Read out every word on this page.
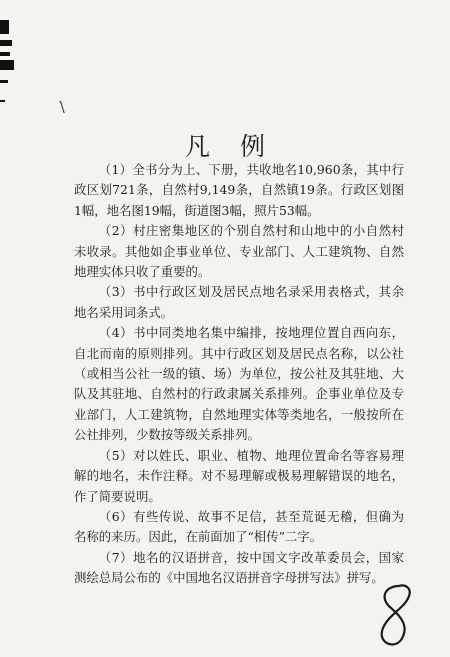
\̀
凡例

（1）全书分为上、下册，共收地名10,960条，其中行政区划721条，自然村9,149条，自然镇19条。行政区划图1幅，地名图19幅，街道图3幅，照片53幅。

（2）村庄密集地区的个别自然村和山地中的小自然村未收录。其他如企事业单位、专业部门、人工建筑物、自然地理实体只收了重要的。

（3）书中行政区划及居民点地名录采用表格式，其余地名采用词条式。

（4）书中同类地名集中编排，按地理位置自西向东，自北而南的原则排列。其中行政区划及居民点名称，以公社（或相当公社一级的镇、场）为单位，按公社及其驻地、大队及其驻地、自然村的行政隶属关系排列。企事业单位及专业部门，人工建筑物，自然地理实体等类地名，一般按所在公社排列，少数按等级关系排列。

（5）对以姓氏、职业、植物、地理位置命名等容易理解的地名，未作注释。对不易理解或极易理解错误的地名，作了简要说明。

（6）有些传说、故事不足信，甚至荒诞无稽，但确为名称的来历。因此，在前面加了“相传”二字。

（7）地名的汉语拼音，按中国文字改革委员会，国家测绘总局公布的《中国地名汉语拼音字母拼写法》拼写。
